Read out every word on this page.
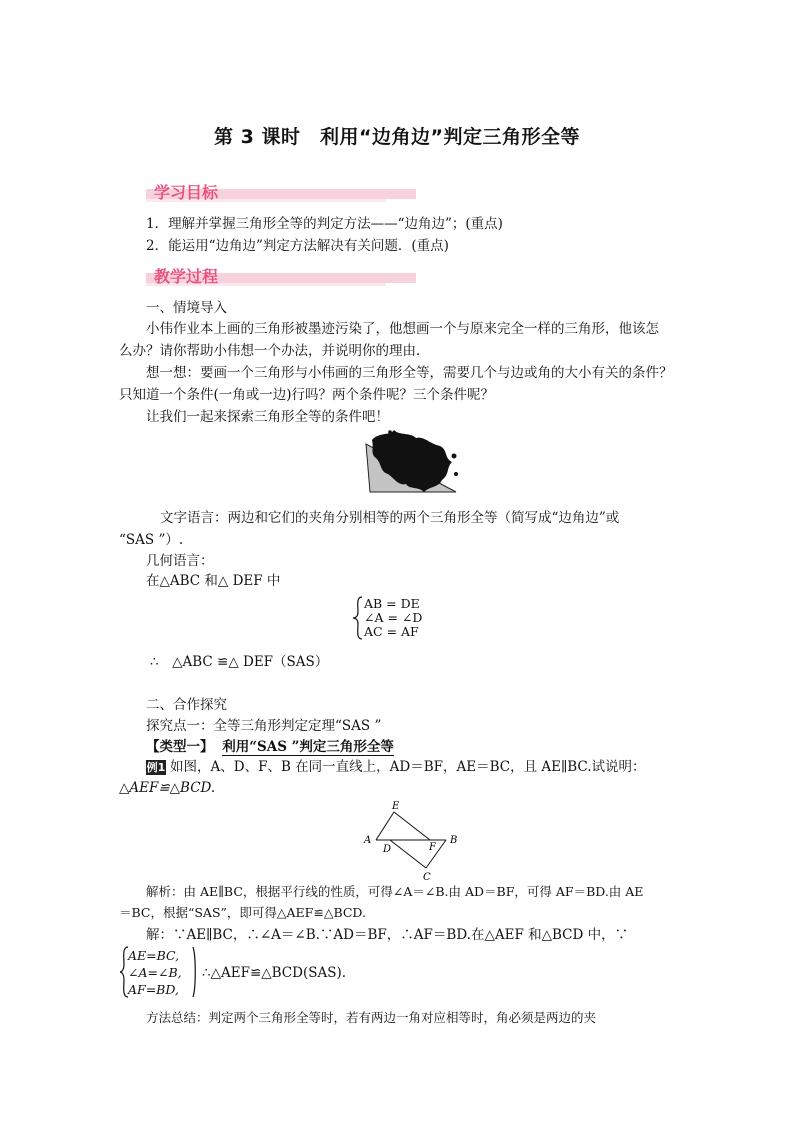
第 3 课时　利用“边角边”判定三角形全等
学习目标
1．理解并掌握三角形全等的判定方法——“边角边”；(重点)
2．能运用“边角边”判定方法解决有关问题．(重点)
教学过程
一、情境导入
小伟作业本上画的三角形被墨迹污染了，他想画一个与原来完全一样的三角形，他该怎
么办？请你帮助小伟想一个办法，并说明你的理由．
想一想：要画一个三角形与小伟画的三角形全等，需要几个与边或角的大小有关的条件？
只知道一个条件(一角或一边)行吗？两个条件呢？三个条件呢？
让我们一起来探索三角形全等的条件吧！
文字语言：两边和它们的夹角分别相等的两个三角形全等（简写成“边角边”或
“SAS ”）.
几何语言：
在△ABC 和△ DEF 中
AB = DE
∠A = ∠D
AC = AF
∴　△ABC ≌△ DEF（SAS）
二、合作探究
探究点一：全等三角形判定定理“SAS ”
【类型一】 利用“SAS ”判定三角形全等
例1 如图，A、D、F、B 在同一直线上，AD＝BF，AE＝BC，且 AE∥BC.试说明：
△AEF≌△BCD.
E
A
D	F
B
C
解析：由 AE∥BC，根据平行线的性质，可得∠A＝∠B.由 AD＝BF，可得 AF＝BD.由 AE
＝BC，根据“SAS”，即可得△AEF≌△BCD.
解：∵AE∥BC，∴∠A＝∠B.∵AD＝BF，∴AF＝BD.在△AEF 和△BCD 中，∵
AE=BC,
∠A=∠B,
AF=BD,
∴△AEF≌△BCD(SAS).
方法总结：判定两个三角形全等时，若有两边一角对应相等时，角必须是两边的夹
